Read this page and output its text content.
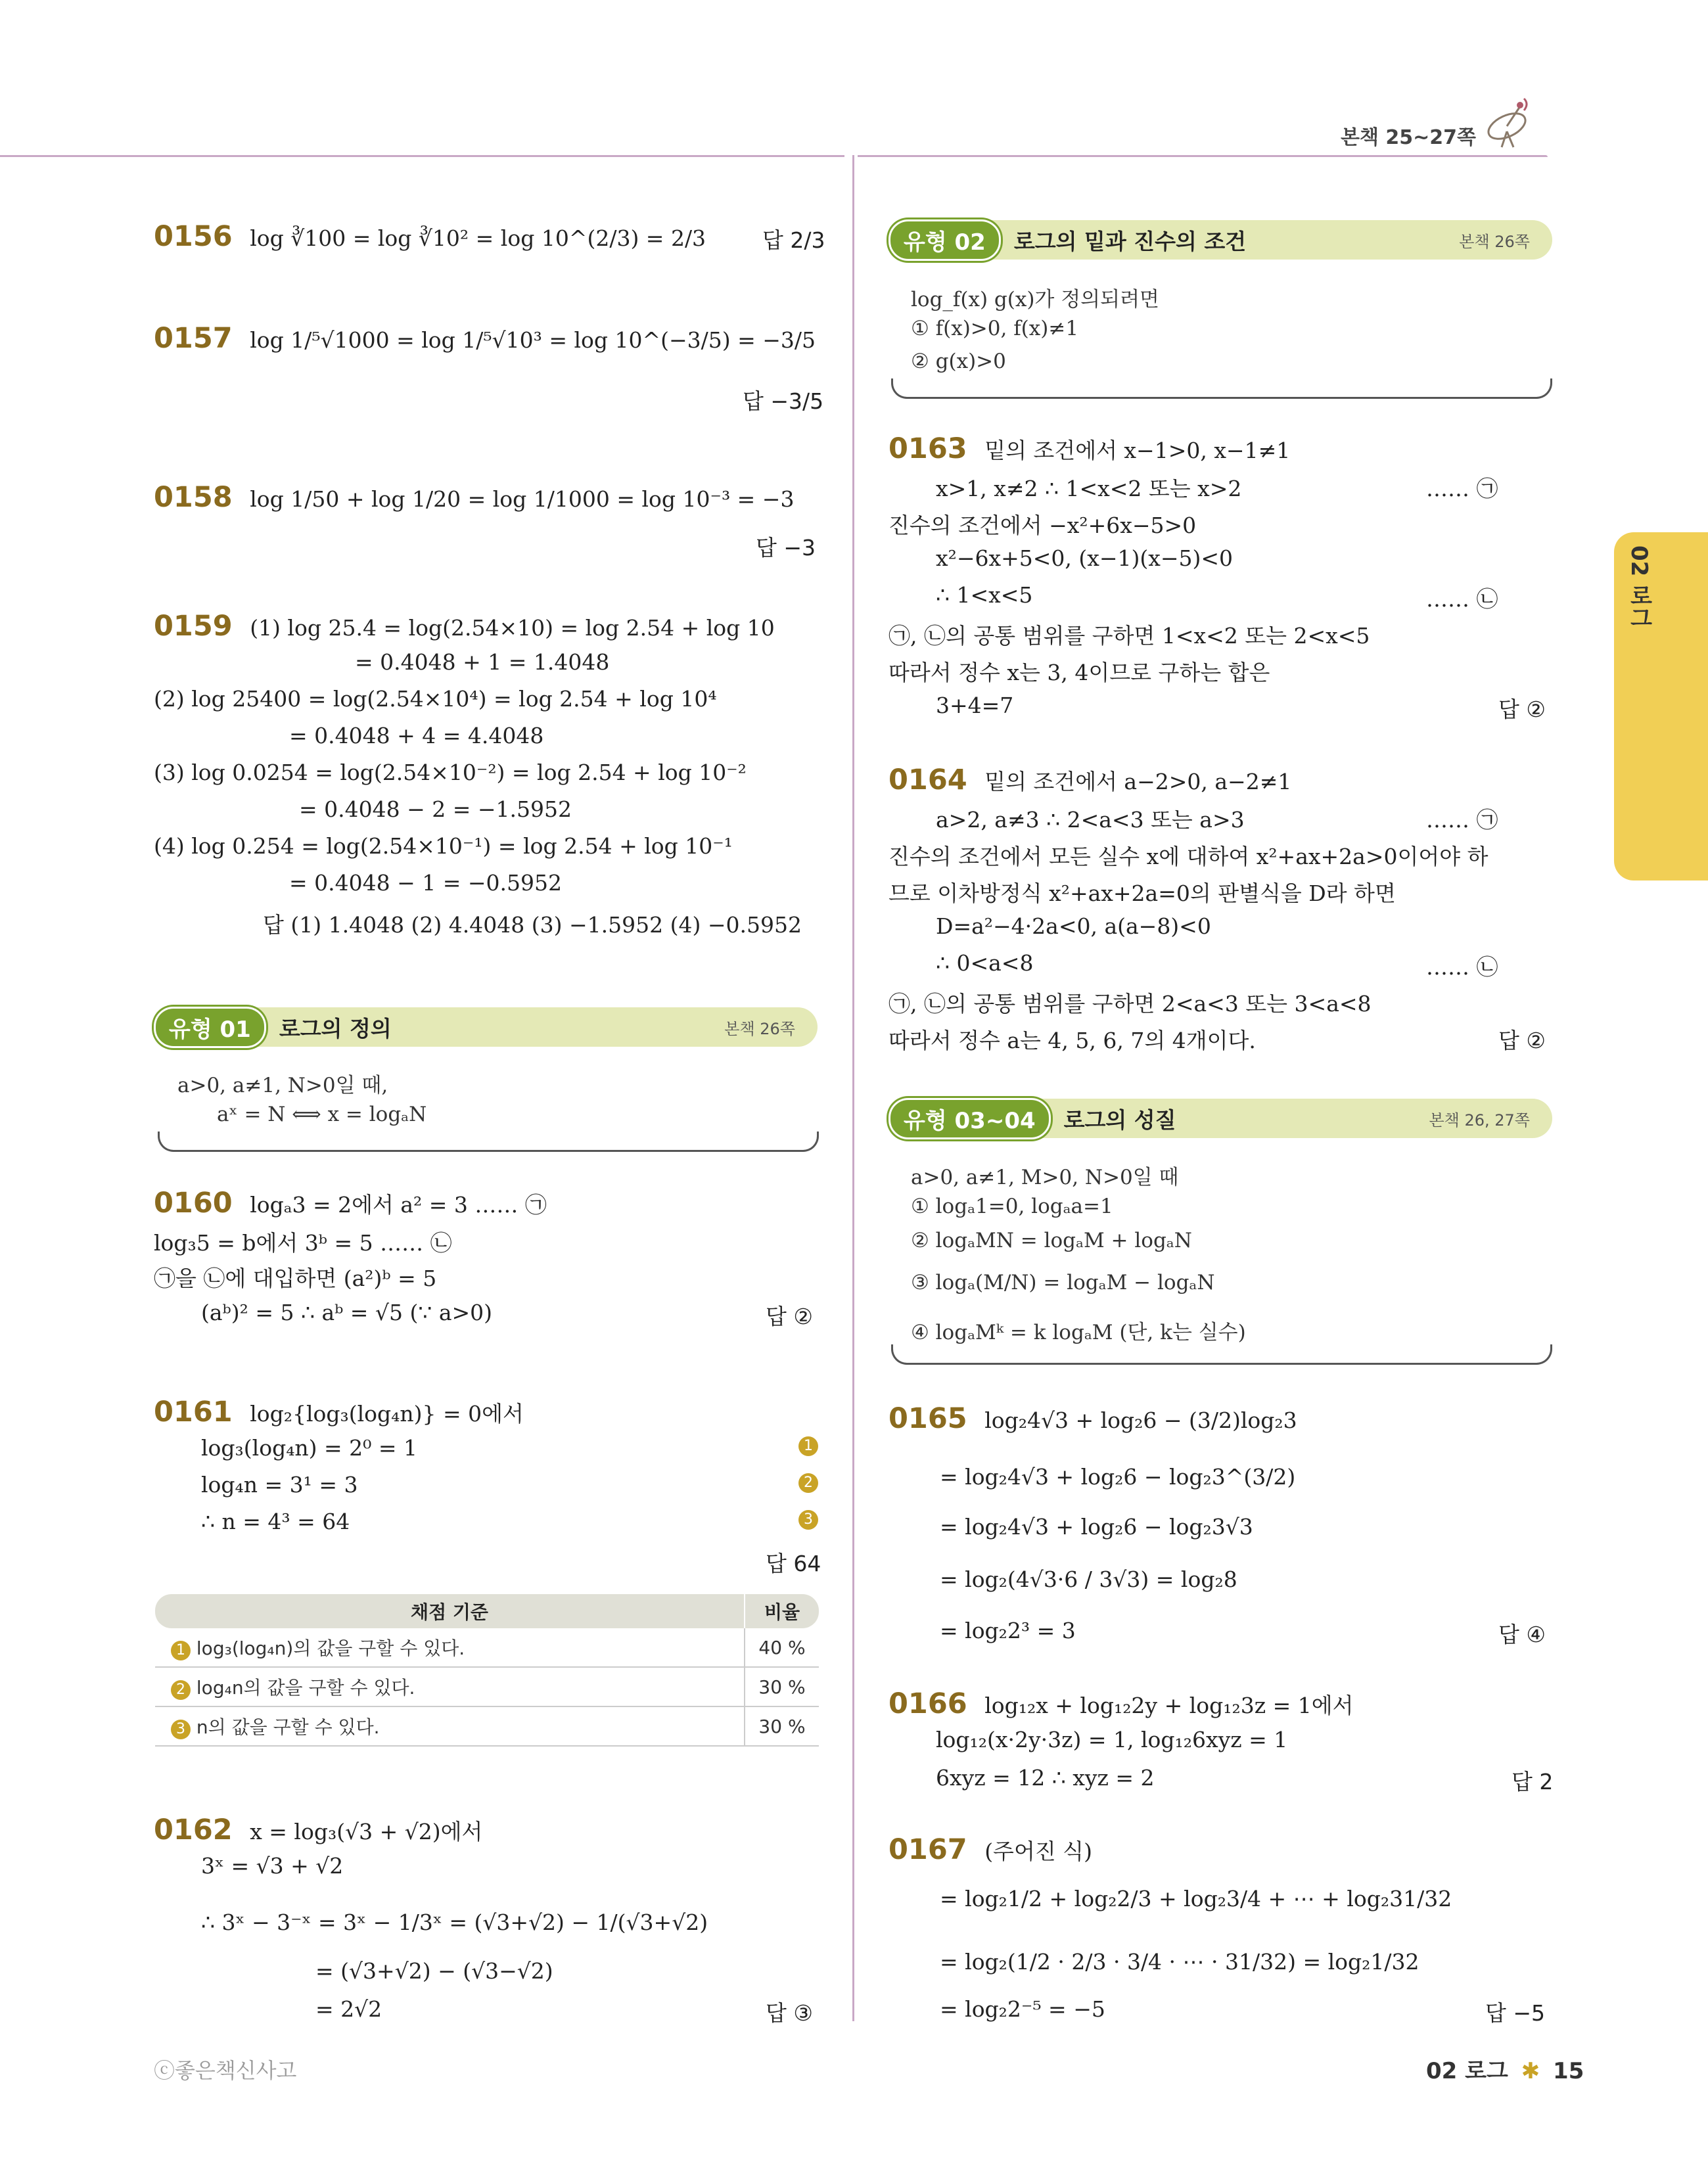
본책 25~27쪽
02 로그
0156 log ∛100 = log ∛10² = log 10^(2/3) = 2/3	답 2/3
0157 log 1/⁵√1000 = log 1/⁵√10³ = log 10^(−3/5) = −3/5
답 −3/5
0158 log 1/50 + log 1/20 = log 1/1000 = log 10⁻³ = −3
답 −3
0159 (1) log 25.4 = log(2.54×10) = log 2.54 + log 10
= 0.4048 + 1 = 1.4048
(2) log 25400 = log(2.54×10⁴) = log 2.54 + log 10⁴
= 0.4048 + 4 = 4.4048
(3) log 0.0254 = log(2.54×10⁻²) = log 2.54 + log 10⁻²
= 0.4048 − 2 = −1.5952
(4) log 0.254 = log(2.54×10⁻¹) = log 2.54 + log 10⁻¹
= 0.4048 − 1 = −0.5952
답 (1) 1.4048 (2) 4.4048 (3) −1.5952 (4) −0.5952
유형 01	로그의 정의	본책 26쪽
a>0, a≠1, N>0일 때,
aˣ = N ⟺ x = logₐN
0160 logₐ3 = 2에서 a² = 3 …… ㉠
log₃5 = b에서 3ᵇ = 5 …… ㉡
㉠을 ㉡에 대입하면 (a²)ᵇ = 5
(aᵇ)² = 5 ∴ aᵇ = √5 (∵ a>0)	답 ②
0161 log₂{log₃(log₄n)} = 0에서
log₃(log₄n) = 2⁰ = 1
log₄n = 3¹ = 3
∴ n = 4³ = 64
1
2
3
답 64
채점 기준	비율
1 log₃(log₄n)의 값을 구할 수 있다.	40 %
2 log₄n의 값을 구할 수 있다.	30 %
3 n의 값을 구할 수 있다.	30 %
0162 x = log₃(√3 + √2)에서
3ˣ = √3 + √2
∴ 3ˣ − 3⁻ˣ = 3ˣ − 1/3ˣ = (√3+√2) − 1/(√3+√2)
= (√3+√2) − (√3−√2)
= 2√2	답 ③
유형 02	로그의 밑과 진수의 조건	본책 26쪽
log_f(x) g(x)가 정의되려면
① f(x)>0, f(x)≠1
② g(x)>0
0163 밑의 조건에서 x−1>0, x−1≠1
x>1, x≠2 ∴ 1<x<2 또는 x>2
진수의 조건에서 −x²+6x−5>0
x²−6x+5<0, (x−1)(x−5)<0
∴ 1<x<5
㉠, ㉡의 공통 범위를 구하면 1<x<2 또는 2<x<5
따라서 정수 x는 3, 4이므로 구하는 합은
3+4=7
…… ㉠
…… ㉡
답 ②
0164 밑의 조건에서 a−2>0, a−2≠1
a>2, a≠3 ∴ 2<a<3 또는 a>3
진수의 조건에서 모든 실수 x에 대하여 x²+ax+2a>0이어야 하
므로 이차방정식 x²+ax+2a=0의 판별식을 D라 하면
D=a²−4·2a<0, a(a−8)<0
∴ 0<a<8
㉠, ㉡의 공통 범위를 구하면 2<a<3 또는 3<a<8
따라서 정수 a는 4, 5, 6, 7의 4개이다.
…… ㉠
…… ㉡
답 ②
유형 03~04	로그의 성질	본책 26, 27쪽
a>0, a≠1, M>0, N>0일 때
① logₐ1=0, logₐa=1
② logₐMN = logₐM + logₐN
③ logₐ(M/N) = logₐM − logₐN
④ logₐMᵏ = k logₐM (단, k는 실수)
0165 log₂4√3 + log₂6 − (3/2)log₂3
= log₂4√3 + log₂6 − log₂3^(3/2)
= log₂4√3 + log₂6 − log₂3√3
= log₂(4√3·6 / 3√3) = log₂8
= log₂2³ = 3	답 ④
0166 log₁₂x + log₁₂2y + log₁₂3z = 1에서
log₁₂(x·2y·3z) = 1, log₁₂6xyz = 1
6xyz = 12 ∴ xyz = 2	답 2
0167 (주어진 식)
= log₂1/2 + log₂2/3 + log₂3/4 + ⋯ + log₂31/32
= log₂(1/2 · 2/3 · 3/4 · ⋯ · 31/32) = log₂1/32
= log₂2⁻⁵ = −5	답 −5
ⓒ좋은책신사고	02 로그 ✱ 15
